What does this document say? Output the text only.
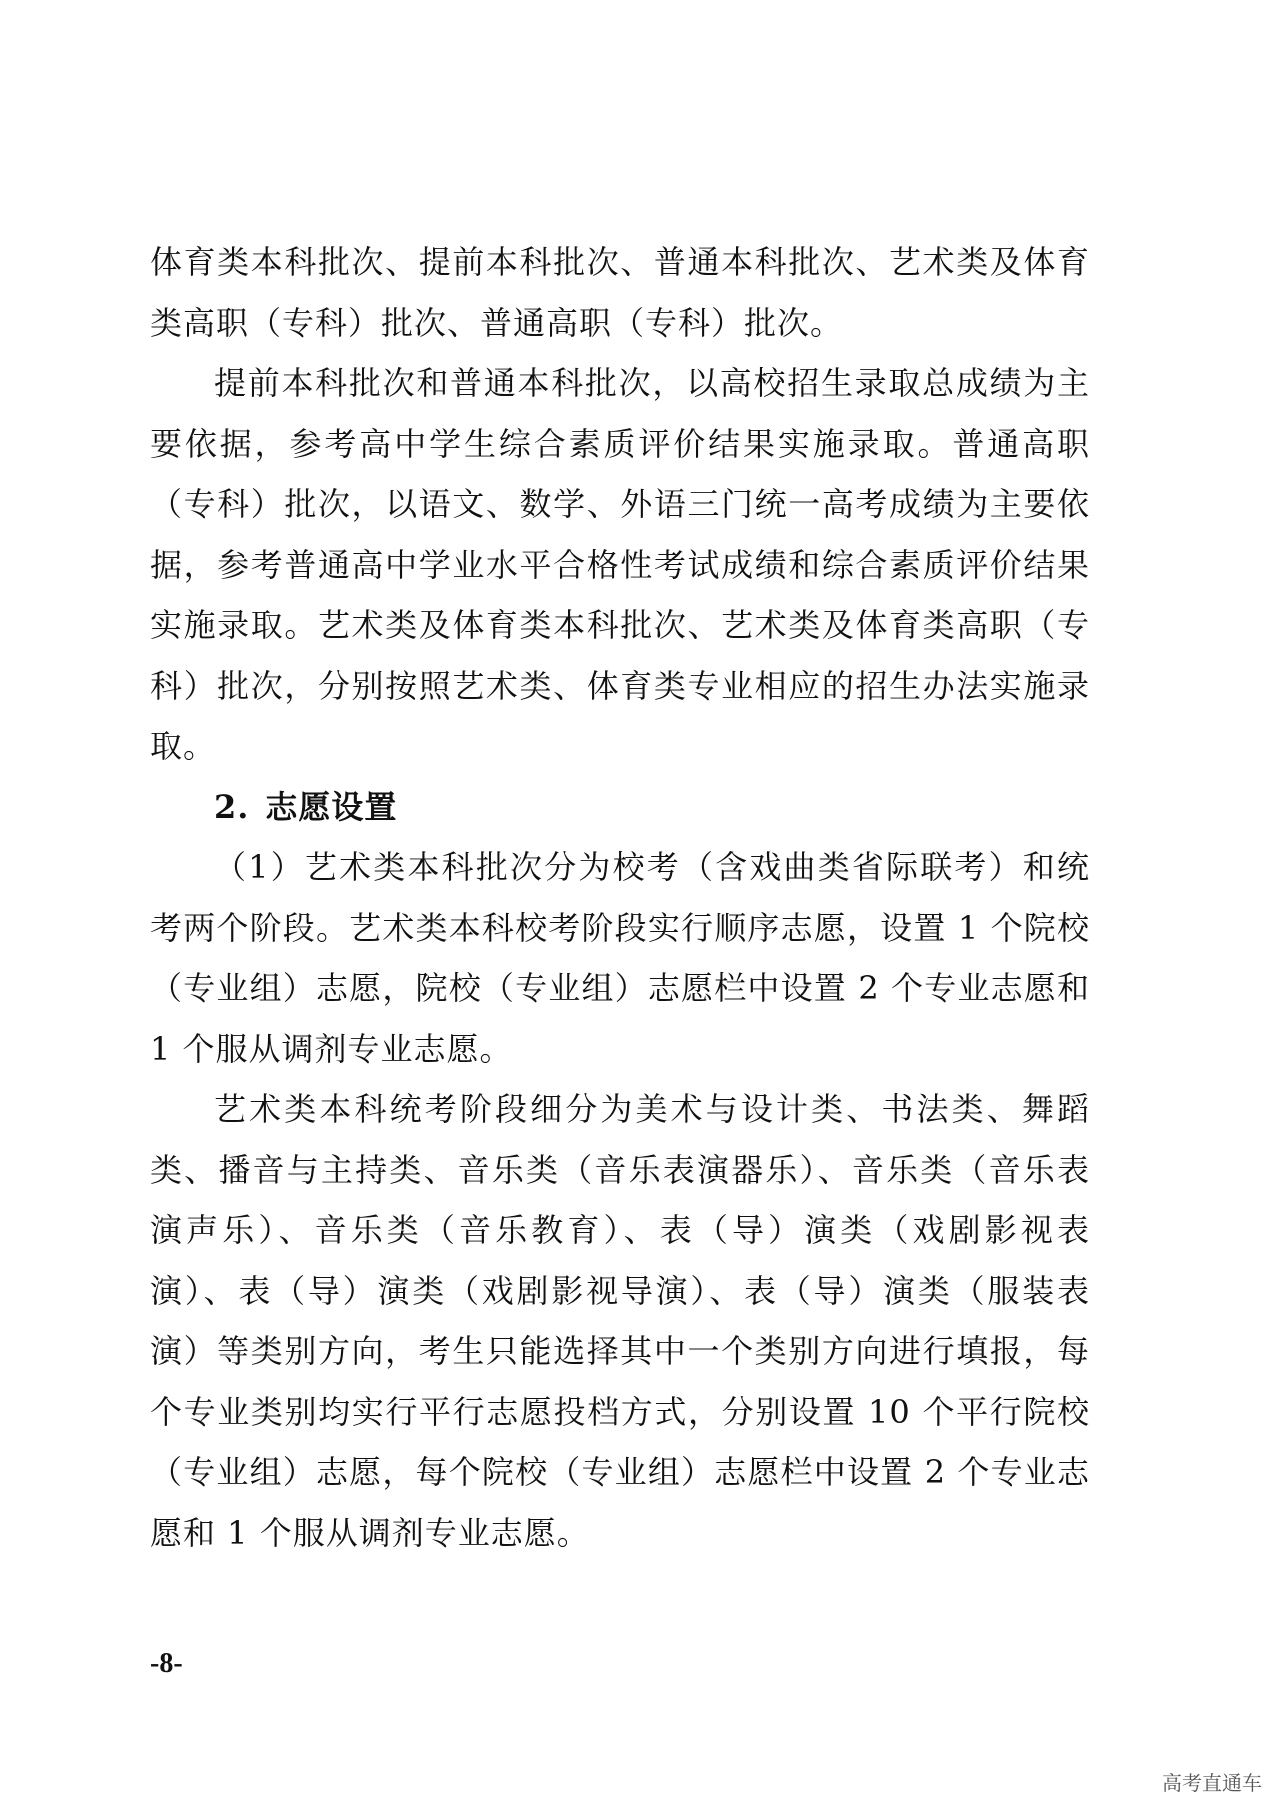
体育类本科批次、提前本科批次、普通本科批次、艺术类及体育类高职（专科）批次、普通高职（专科）批次。

提前本科批次和普通本科批次，以高校招生录取总成绩为主要依据，参考高中学生综合素质评价结果实施录取。普通高职（专科）批次，以语文、数学、外语三门统一高考成绩为主要依据，参考普通高中学业水平合格性考试成绩和综合素质评价结果实施录取。艺术类及体育类本科批次、艺术类及体育类高职（专科）批次，分别按照艺术类、体育类专业相应的招生办法实施录取。

2. 志愿设置

（1）艺术类本科批次分为校考（含戏曲类省际联考）和统考两个阶段。艺术类本科校考阶段实行顺序志愿，设置 1 个院校（专业组）志愿，院校（专业组）志愿栏中设置 2 个专业志愿和 1 个服从调剂专业志愿。

艺术类本科统考阶段细分为美术与设计类、书法类、舞蹈类、播音与主持类、音乐类（音乐表演器乐）、音乐类（音乐表演声乐）、音乐类（音乐教育）、表（导）演类（戏剧影视表演）、表（导）演类（戏剧影视导演）、表（导）演类（服装表演）等类别方向，考生只能选择其中一个类别方向进行填报，每个专业类别均实行平行志愿投档方式，分别设置 10 个平行院校（专业组）志愿，每个院校（专业组）志愿栏中设置 2 个专业志愿和 1 个服从调剂专业志愿。

-8-
高考直通车
